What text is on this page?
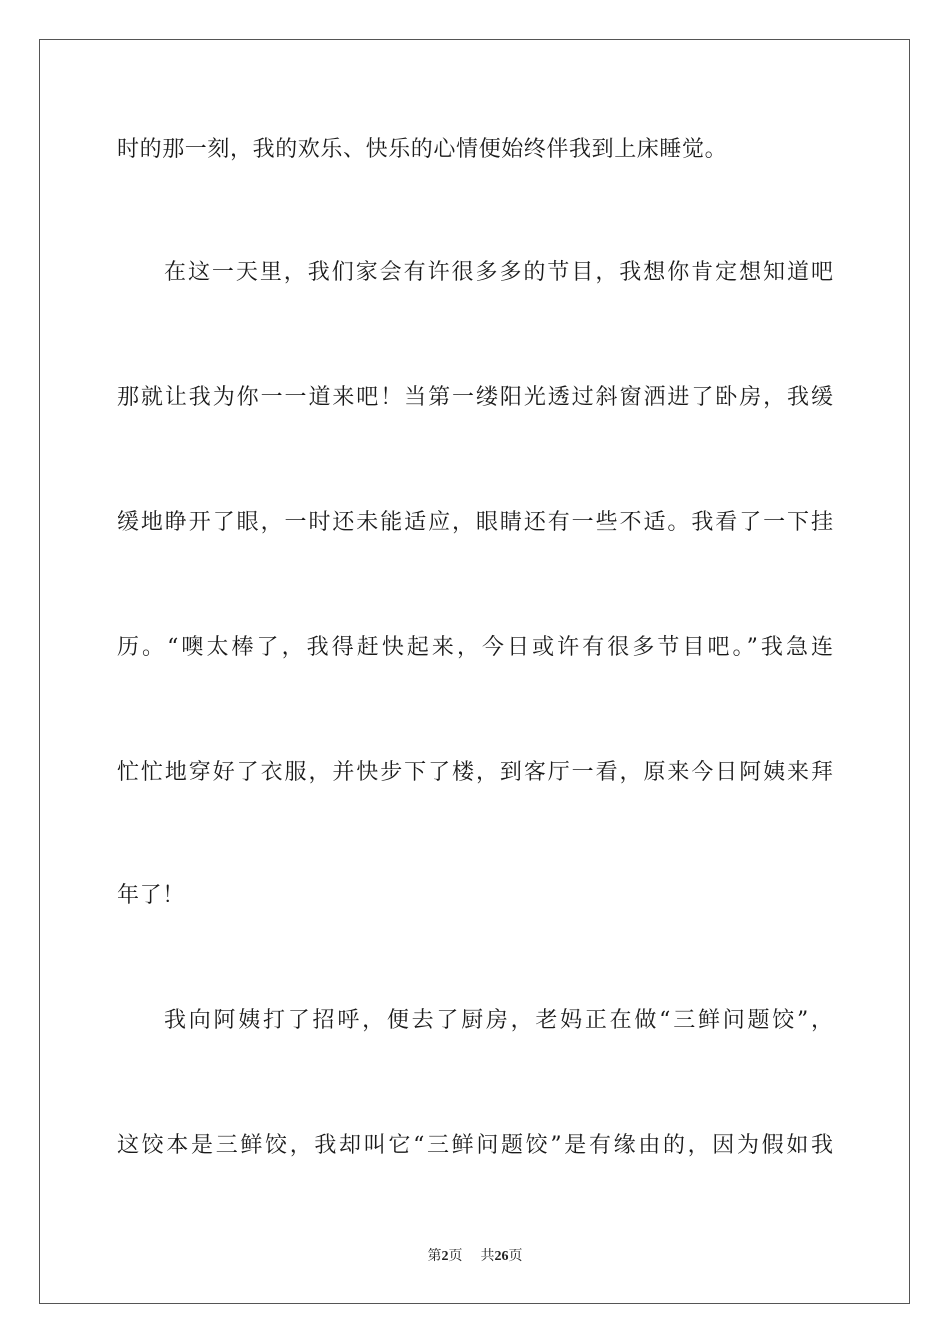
时的那一刻，我的欢乐、快乐的心情便始终伴我到上床睡觉。
在这一天里，我们家会有许很多多的节目，我想你肯定想知道吧
那就让我为你一一道来吧！当第一缕阳光透过斜窗洒进了卧房，我缓
缓地睁开了眼，一时还未能适应，眼睛还有一些不适。我看了一下挂
历。“噢太棒了，我得赶快起来，今日或许有很多节目吧。”我急连
忙忙地穿好了衣服，并快步下了楼，到客厅一看，原来今日阿姨来拜
年了！
我向阿姨打了招呼，便去了厨房，老妈正在做“三鲜问题饺”，
这饺本是三鲜饺，我却叫它“三鲜问题饺”是有缘由的，因为假如我
第2页 共26页
